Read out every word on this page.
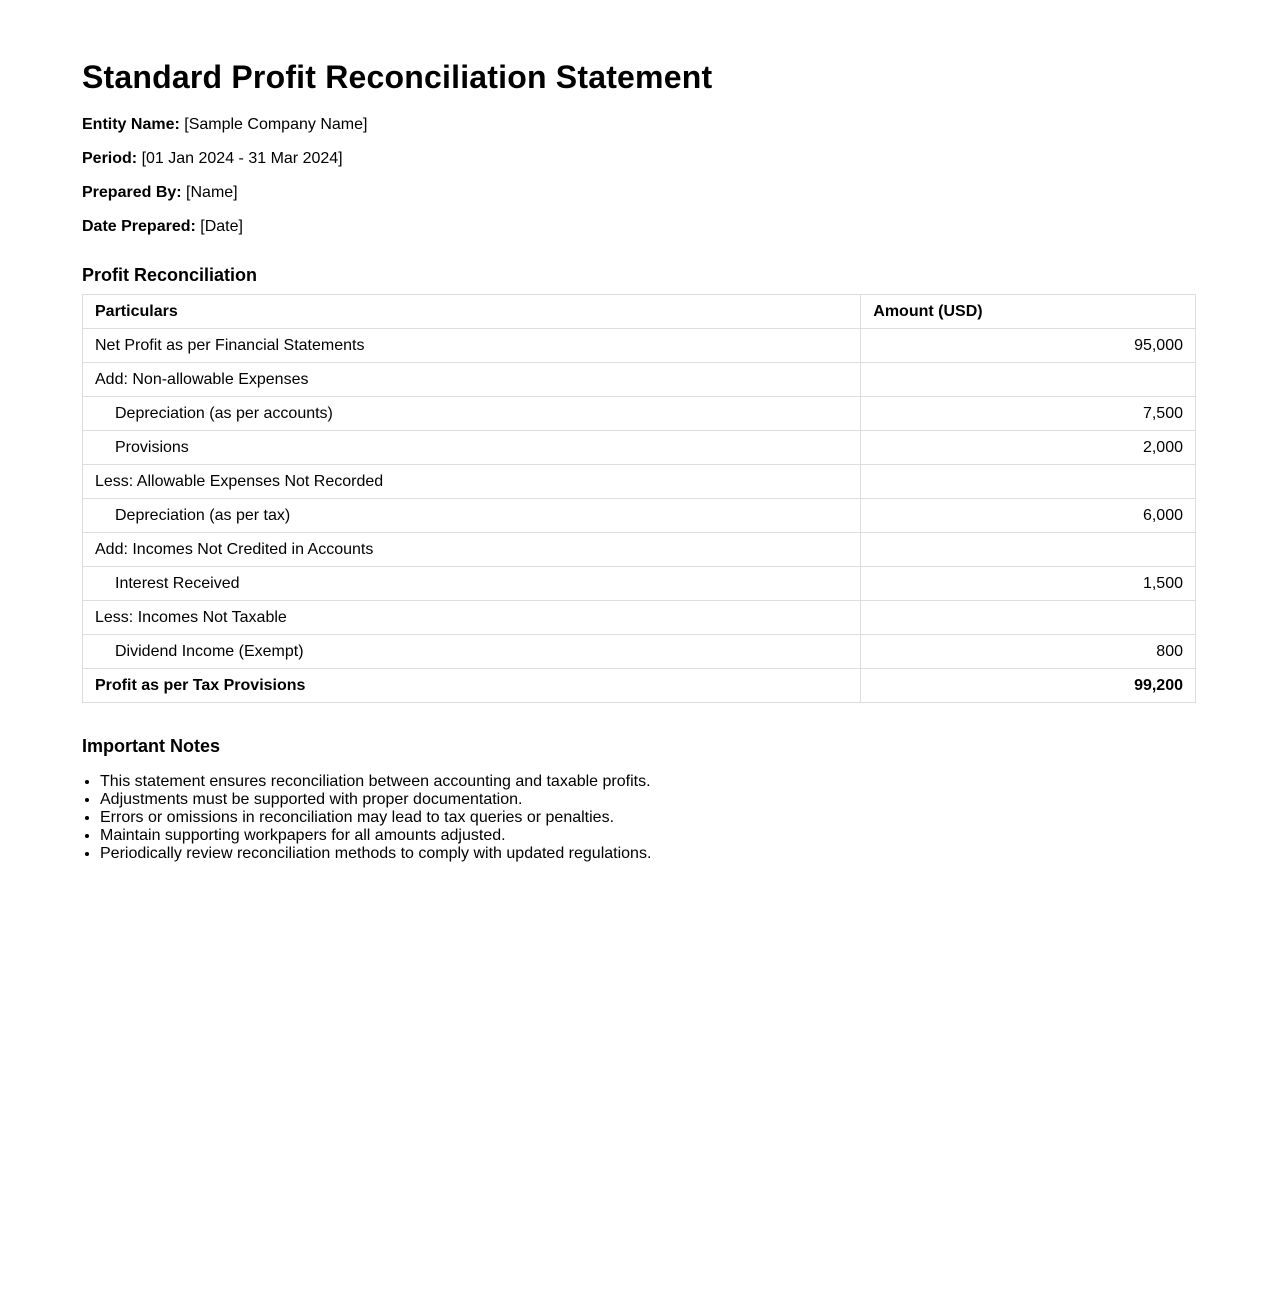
Standard Profit Reconciliation Statement

Entity Name: [Sample Company Name]

Period: [01 Jan 2024 - 31 Mar 2024]

Prepared By: [Name]

Date Prepared: [Date]

Profit Reconciliation
Particulars	Amount (USD)
Net Profit as per Financial Statements	95,000
Add: Non-allowable Expenses	
Depreciation (as per accounts)	7,500
Provisions	2,000
Less: Allowable Expenses Not Recorded	
Depreciation (as per tax)	6,000
Add: Incomes Not Credited in Accounts	
Interest Received	1,500
Less: Incomes Not Taxable	
Dividend Income (Exempt)	800
Profit as per Tax Provisions	99,200
Important Notes
• This statement ensures reconciliation between accounting and taxable profits.
• Adjustments must be supported with proper documentation.
• Errors or omissions in reconciliation may lead to tax queries or penalties.
• Maintain supporting workpapers for all amounts adjusted.
• Periodically review reconciliation methods to comply with updated regulations.
